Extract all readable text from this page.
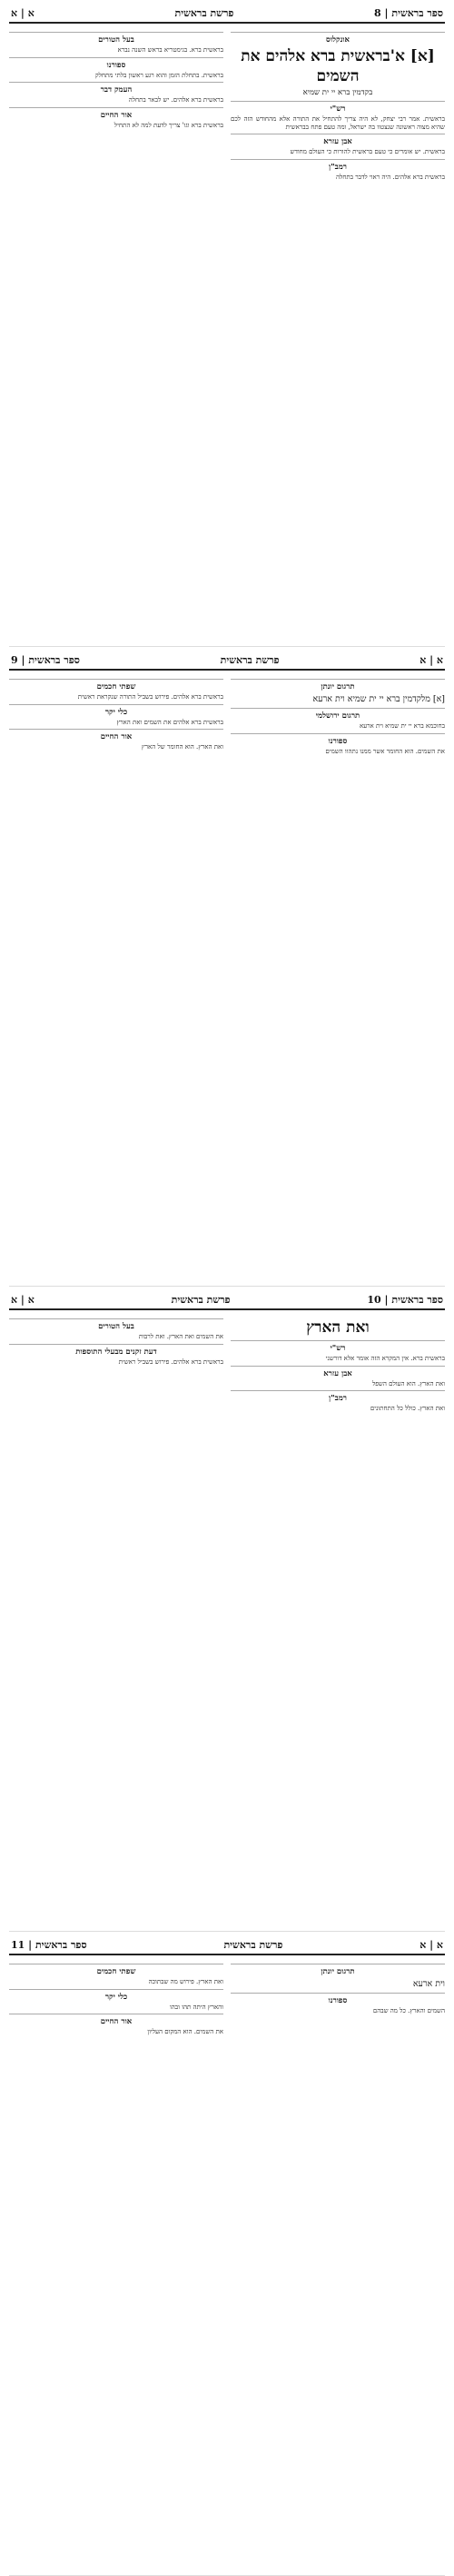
ספר בראשית | 8
פרשת בראשית
א | א
אונקלוס
[א] א'בראשית ברא אלהים את השמים
בקדמין ברא יי ית שמיא
רש"י
בראשית. אמר רבי יצחק, לא היה צריך להתחיל את התורה אלא מהחודש הזה לכם שהיא מצוה ראשונה שנצטוו בה ישראל, ומה טעם פתח בבראשית
אבן עזרא
בראשית. יש אומרים כי טעם בראשית להורות כי העולם מחודש
רמב"ן
בראשית ברא אלהים. היה ראוי לדבר בתחלה
בעל הטורים
בראשית ברא. בגימטריא בראש השנה נברא
ספורנו
בראשית. בתחלת הזמן והוא רגע ראשון בלתי מתחלק
העמק דבר
בראשית ברא אלהים. יש לבאר בתחלה
אור החיים
בראשית ברא וגו' צריך לדעת למה לא התחיל
א | א
פרשת בראשית
ספר בראשית | 9
תרגום יונתן
[א] מלקדמין ברא יי ית שמיא וית ארעא
תרגום ירושלמי
בחוכמא ברא יי ית שמיא וית ארעא
ספורנו
את השמים. הוא החומר אשר ממנו נתהוו השמים
שפתי חכמים
בראשית ברא אלהים. פירוש בשביל התורה שנקראת ראשית
כלי יקר
בראשית ברא אלהים את השמים ואת הארץ
אור החיים
ואת הארץ. הוא החומר של הארץ
ספר בראשית | 10
פרשת בראשית
א | א
ואת הארץ
רש"י
בראשית ברא. אין המקרא הזה אומר אלא דורשני
אבן עזרא
ואת הארץ. הוא העולם השפל
רמב"ן
ואת הארץ. כולל כל התחתונים
בעל הטורים
את השמים ואת הארץ. ואת לרבות
דעת זקנים מבעלי התוספות
בראשית ברא אלהים. פירוש בשביל ראשית
א | א
פרשת בראשית
ספר בראשית | 11
תרגום יונתן
וית ארעא
ספורנו
השמים והארץ. כל מה שבהם
שפתי חכמים
ואת הארץ. פירוש מה שבתוכה
כלי יקר
והארץ היתה תהו ובהו
אור החיים
את השמים. הוא המקום העליון
